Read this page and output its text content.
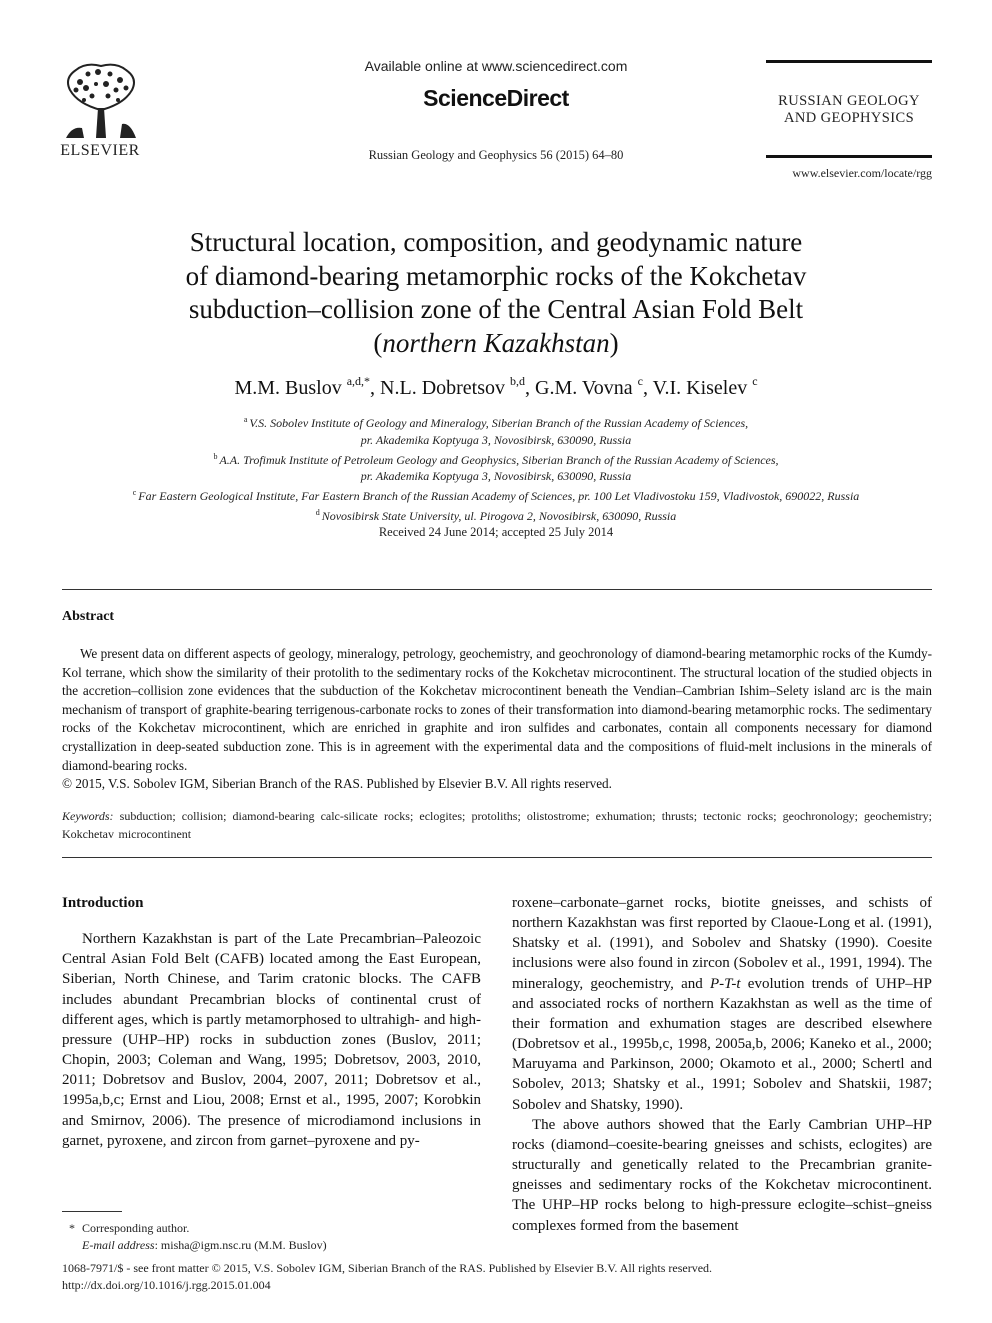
ELSEVIER
Available online at www.sciencedirect.com
ScienceDirect
Russian Geology and Geophysics 56 (2015) 64–80
RUSSIAN GEOLOGY
AND GEOPHYSICS
www.elsevier.com/locate/rgg
Structural location, composition, and geodynamic nature
of diamond-bearing metamorphic rocks of the Kokchetav
subduction–collision zone of the Central Asian Fold Belt
(northern Kazakhstan)
M.M. Buslov $^{a,d,*}$, N.L. Dobretsov $^{b,d}$, G.M. Vovna $^c$, V.I. Kiselev $^c$
$^a$ V.S. Sobolev Institute of Geology and Mineralogy, Siberian Branch of the Russian Academy of Sciences,
pr. Akademika Koptyuga 3, Novosibirsk, 630090, Russia
$^b$ A.A. Trofimuk Institute of Petroleum Geology and Geophysics, Siberian Branch of the Russian Academy of Sciences,
pr. Akademika Koptyuga 3, Novosibirsk, 630090, Russia
$^c$ Far Eastern Geological Institute, Far Eastern Branch of the Russian Academy of Sciences, pr. 100 Let Vladivostoku 159, Vladivostok, 690022, Russia
$^d$ Novosibirsk State University, ul. Pirogova 2, Novosibirsk, 630090, Russia
Received 24 June 2014; accepted 25 July 2014
Abstract

We present data on different aspects of geology, mineralogy, petrology, geochemistry, and geochronology of diamond-bearing metamorphic rocks of the Kumdy-Kol terrane, which show the similarity of their protolith to the sedimentary rocks of the Kokchetav microcontinent. The structural location of the studied objects in the accretion–collision zone evidences that the subduction of the Kokchetav microcontinent beneath the Vendian–Cambrian Ishim–Selety island arc is the main mechanism of transport of graphite-bearing terrigenous-carbonate rocks to zones of their transformation into diamond-bearing metamorphic rocks. The sedimentary rocks of the Kokchetav microcontinent, which are enriched in graphite and iron sulfides and carbonates, contain all components necessary for diamond crystallization in deep-seated subduction zone. This is in agreement with the experimental data and the compositions of fluid-melt inclusions in the minerals of diamond-bearing rocks.

© 2015, V.S. Sobolev IGM, Siberian Branch of the RAS. Published by Elsevier B.V. All rights reserved.
Keywords: subduction; collision; diamond-bearing calc-silicate rocks; eclogites; protoliths; olistostrome; exhumation; thrusts; tectonic rocks; geochronology; geochemistry; Kokchetav microcontinent

Introduction

Northern Kazakhstan is part of the Late Precambrian–Paleozoic Central Asian Fold Belt (CAFB) located among the East European, Siberian, North Chinese, and Tarim cratonic blocks. The CAFB includes abundant Precambrian blocks of continental crust of different ages, which is partly metamorphosed to ultrahigh- and high-pressure (UHP–HP) rocks in subduction zones (Buslov, 2011; Chopin, 2003; Coleman and Wang, 1995; Dobretsov, 2003, 2010, 2011; Dobretsov and Buslov, 2004, 2007, 2011; Dobretsov et al., 1995a,b,c; Ernst and Liou, 2008; Ernst et al., 1995, 2007; Korobkin and Smirnov, 2006). The presence of microdiamond inclusions in garnet, pyroxene, and zircon from garnet–pyroxene and py-

roxene–carbonate–garnet rocks, biotite gneisses, and schists of northern Kazakhstan was first reported by Claoue-Long et al. (1991), Shatsky et al. (1991), and Sobolev and Shatsky (1990). Coesite inclusions were also found in zircon (Sobolev et al., 1991, 1994). The mineralogy, geochemistry, and P-T-t evolution trends of UHP–HP and associated rocks of northern Kazakhstan as well as the time of their formation and exhumation stages are described elsewhere (Dobretsov et al., 1995b,c, 1998, 2005a,b, 2006; Kaneko et al., 2000; Maruyama and Parkinson, 2000; Okamoto et al., 2000; Schertl and Sobolev, 2013; Shatsky et al., 1991; Sobolev and Shatskii, 1987; Sobolev and Shatsky, 1990).

The above authors showed that the Early Cambrian UHP–HP rocks (diamond–coesite-bearing gneisses and schists, eclogites) are structurally and genetically related to the Precambrian granite-gneisses and sedimentary rocks of the Kokchetav microcontinent. The UHP–HP rocks belong to high-pressure eclogite–schist–gneiss complexes formed from the basement

* Corresponding author.
E-mail address: misha@igm.nsc.ru (M.M. Buslov)
1068-7971/$ - see front matter © 2015, V.S. Sobolev IGM, Siberian Branch of the RAS. Published by Elsevier B.V. All rights reserved.
http://dx.doi.org/10.1016/j.rgg.2015.01.004
